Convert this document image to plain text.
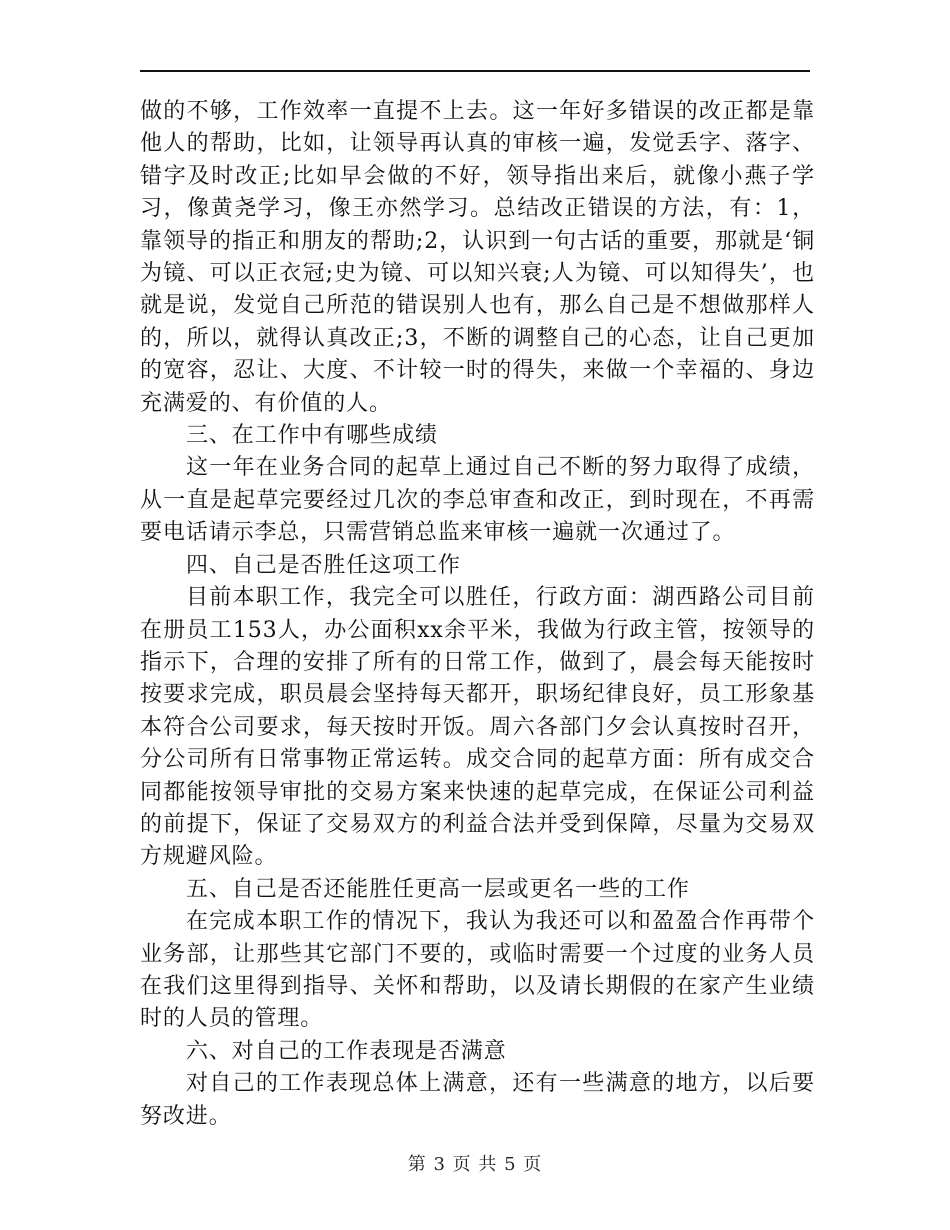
做的不够，工作效率一直提不上去。这一年好多错误的改正都是靠他人的帮助，比如，让领导再认真的审核一遍，发觉丢字、落字、错字及时改正;比如早会做的不好，领导指出来后，就像小燕子学习，像黄尧学习，像王亦然学习。总结改正错误的方法，有：1，靠领导的指正和朋友的帮助;2，认识到一句古话的重要，那就是‘铜为镜、可以正衣冠;史为镜、可以知兴衰;人为镜、可以知得失’，也就是说，发觉自己所范的错误别人也有，那么自己是不想做那样人的，所以，就得认真改正;3，不断的调整自己的心态，让自己更加的宽容，忍让、大度、不计较一时的得失，来做一个幸福的、身边充满爱的、有价值的人。

三、在工作中有哪些成绩

这一年在业务合同的起草上通过自己不断的努力取得了成绩，从一直是起草完要经过几次的李总审查和改正，到时现在，不再需要电话请示李总，只需营销总监来审核一遍就一次通过了。

四、自己是否胜任这项工作

目前本职工作，我完全可以胜任，行政方面：湖西路公司目前在册员工153人，办公面积xx余平米，我做为行政主管，按领导的指示下，合理的安排了所有的日常工作，做到了，晨会每天能按时按要求完成，职员晨会坚持每天都开，职场纪律良好，员工形象基本符合公司要求，每天按时开饭。周六各部门夕会认真按时召开，分公司所有日常事物正常运转。成交合同的起草方面：所有成交合同都能按领导审批的交易方案来快速的起草完成，在保证公司利益的前提下，保证了交易双方的利益合法并受到保障，尽量为交易双方规避风险。

五、自己是否还能胜任更高一层或更名一些的工作

在完成本职工作的情况下，我认为我还可以和盈盈合作再带个业务部，让那些其它部门不要的，或临时需要一个过度的业务人员在我们这里得到指导、关怀和帮助，以及请长期假的在家产生业绩时的人员的管理。

六、对自己的工作表现是否满意

对自己的工作表现总体上满意，还有一些满意的地方，以后要努改进。

第 3 页 共 5 页
